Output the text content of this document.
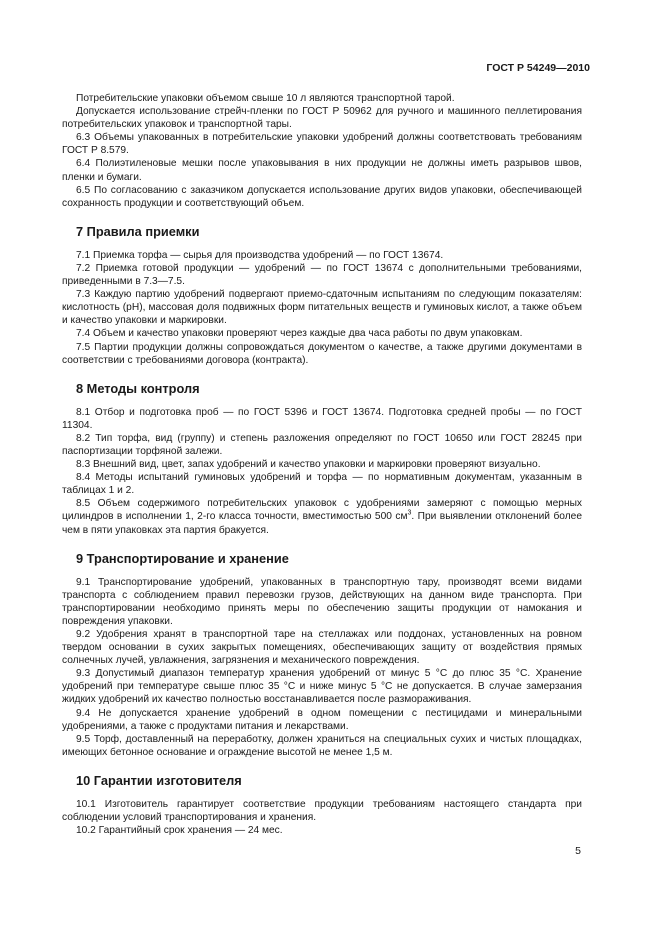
ГОСТ Р 54249—2010

Потребительские упаковки объемом свыше 10 л являются транспортной тарой.

Допускается использование стрейч-пленки по ГОСТ Р 50962 для ручного и машинного пеллетирования потребительских упаковок и транспортной тары.

6.3 Объемы упакованных в потребительские упаковки удобрений должны соответствовать требованиям ГОСТ Р 8.579.

6.4 Полиэтиленовые мешки после упаковывания в них продукции не должны иметь разрывов швов, пленки и бумаги.

6.5 По согласованию с заказчиком допускается использование других видов упаковки, обеспечивающей сохранность продукции и соответствующий объем.

7 Правила приемки

7.1 Приемка торфа — сырья для производства удобрений — по ГОСТ 13674.

7.2 Приемка готовой продукции — удобрений — по ГОСТ 13674 с дополнительными требованиями, приведенными в 7.3—7.5.

7.3 Каждую партию удобрений подвергают приемо-сдаточным испытаниям по следующим показателям: кислотность (pH), массовая доля подвижных форм питательных веществ и гуминовых кислот, а также объем и качество упаковки и маркировки.

7.4 Объем и качество упаковки проверяют через каждые два часа работы по двум упаковкам.

7.5 Партии продукции должны сопровождаться документом о качестве, а также другими документами в соответствии с требованиями договора (контракта).

8 Методы контроля

8.1 Отбор и подготовка проб — по ГОСТ 5396 и ГОСТ 13674. Подготовка средней пробы — по ГОСТ 11304.

8.2 Тип торфа, вид (группу) и степень разложения определяют по ГОСТ 10650 или ГОСТ 28245 при паспортизации торфяной залежи.

8.3 Внешний вид, цвет, запах удобрений и качество упаковки и маркировки проверяют визуально.

8.4 Методы испытаний гуминовых удобрений и торфа — по нормативным документам, указанным в таблицах 1 и 2.

8.5 Объем содержимого потребительских упаковок с удобрениями замеряют с помощью мерных цилиндров в исполнении 1, 2-го класса точности, вместимостью 500 $см^3$. При выявлении отклонений более чем в пяти упаковках эта партия бракуется.

9 Транспортирование и хранение

9.1 Транспортирование удобрений, упакованных в транспортную тару, производят всеми видами транспорта с соблюдением правил перевозки грузов, действующих на данном виде транспорта. При транспортировании необходимо принять меры по обеспечению защиты продукции от намокания и повреждения упаковки.

9.2 Удобрения хранят в транспортной таре на стеллажах или поддонах, установленных на ровном твердом основании в сухих закрытых помещениях, обеспечивающих защиту от воздействия прямых солнечных лучей, увлажнения, загрязнения и механического повреждения.

9.3 Допустимый диапазон температур хранения удобрений от минус 5 °С до плюс 35 °С. Хранение удобрений при температуре свыше плюс 35 °С и ниже минус 5 °С не допускается. В случае замерзания жидких удобрений их качество полностью восстанавливается после размораживания.

9.4 Не допускается хранение удобрений в одном помещении с пестицидами и минеральными удобрениями, а также с продуктами питания и лекарствами.

9.5 Торф, доставленный на переработку, должен храниться на специальных сухих и чистых площадках, имеющих бетонное основание и ограждение высотой не менее 1,5 м.

10 Гарантии изготовителя

10.1 Изготовитель гарантирует соответствие продукции требованиям настоящего стандарта при соблюдении условий транспортирования и хранения.

10.2 Гарантийный срок хранения — 24 мес.

5
